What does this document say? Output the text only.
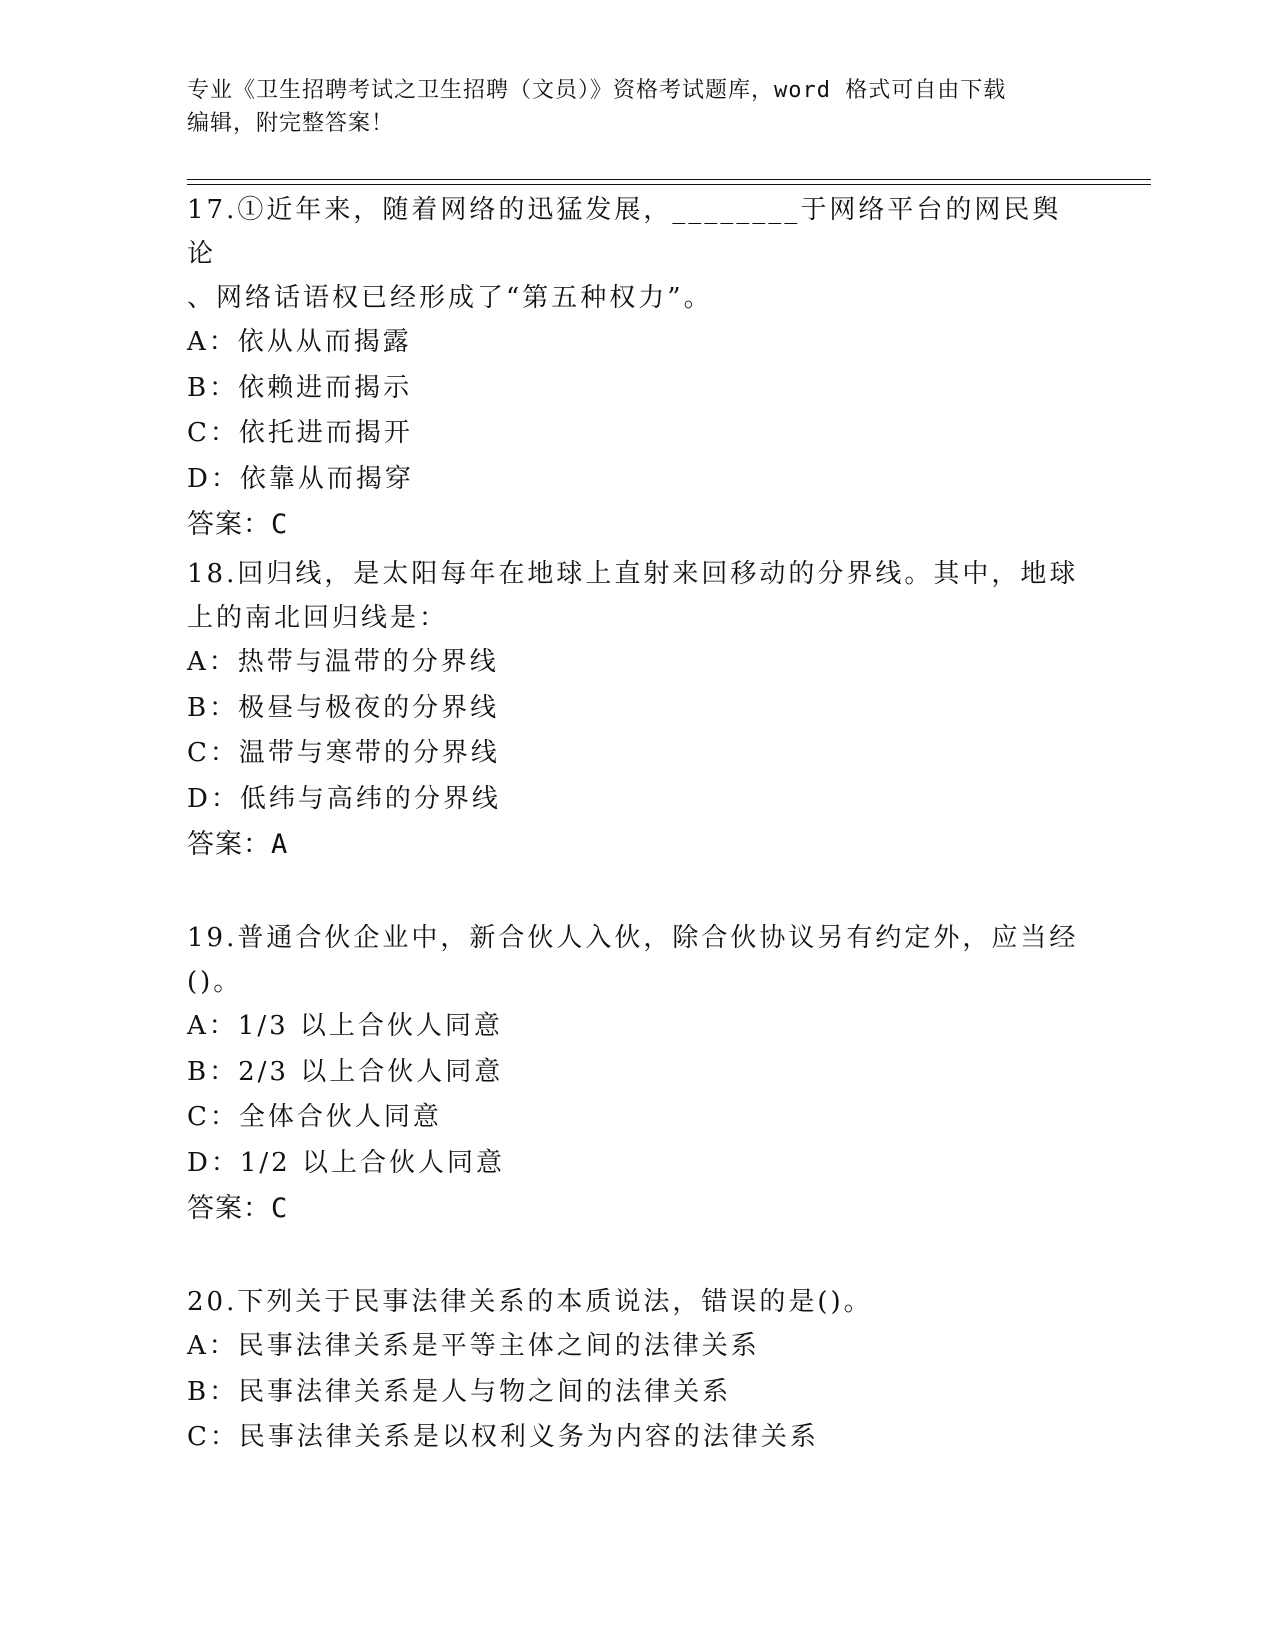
专业《卫生招聘考试之卫生招聘（文员）》资格考试题库，word 格式可自由下载
编辑，附完整答案！

17.①近年来，随着网络的迅猛发展，________于网络平台的网民舆论

、网络话语权已经形成了“第五种权力”。

A：依从从而揭露

B：依赖进而揭示

C：依托进而揭开

D：依靠从而揭穿

答案：C

18.回归线，是太阳每年在地球上直射来回移动的分界线。其中，地球

上的南北回归线是：

A：热带与温带的分界线

B：极昼与极夜的分界线

C：温带与寒带的分界线

D：低纬与高纬的分界线

答案：A

19.普通合伙企业中，新合伙人入伙，除合伙协议另有约定外，应当经

()。

A：1/3 以上合伙人同意

B：2/3 以上合伙人同意

C：全体合伙人同意

D：1/2 以上合伙人同意

答案：C

20.下列关于民事法律关系的本质说法，错误的是()。

A：民事法律关系是平等主体之间的法律关系

B：民事法律关系是人与物之间的法律关系

C：民事法律关系是以权利义务为内容的法律关系
